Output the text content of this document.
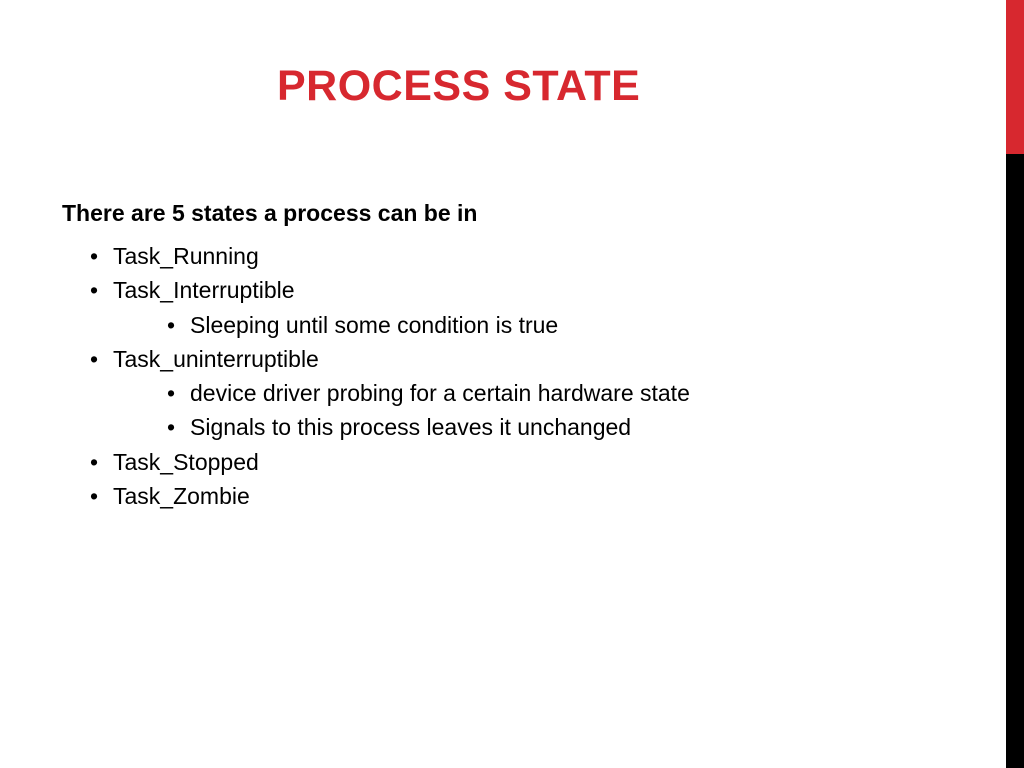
PROCESS STATE
There are 5 states a process can be in
• Task_Running
• Task_Interruptible
• Sleeping until some condition is true
• Task_uninterruptible
• device driver probing for a certain hardware state
• Signals to this process leaves it unchanged
• Task_Stopped
• Task_Zombie
